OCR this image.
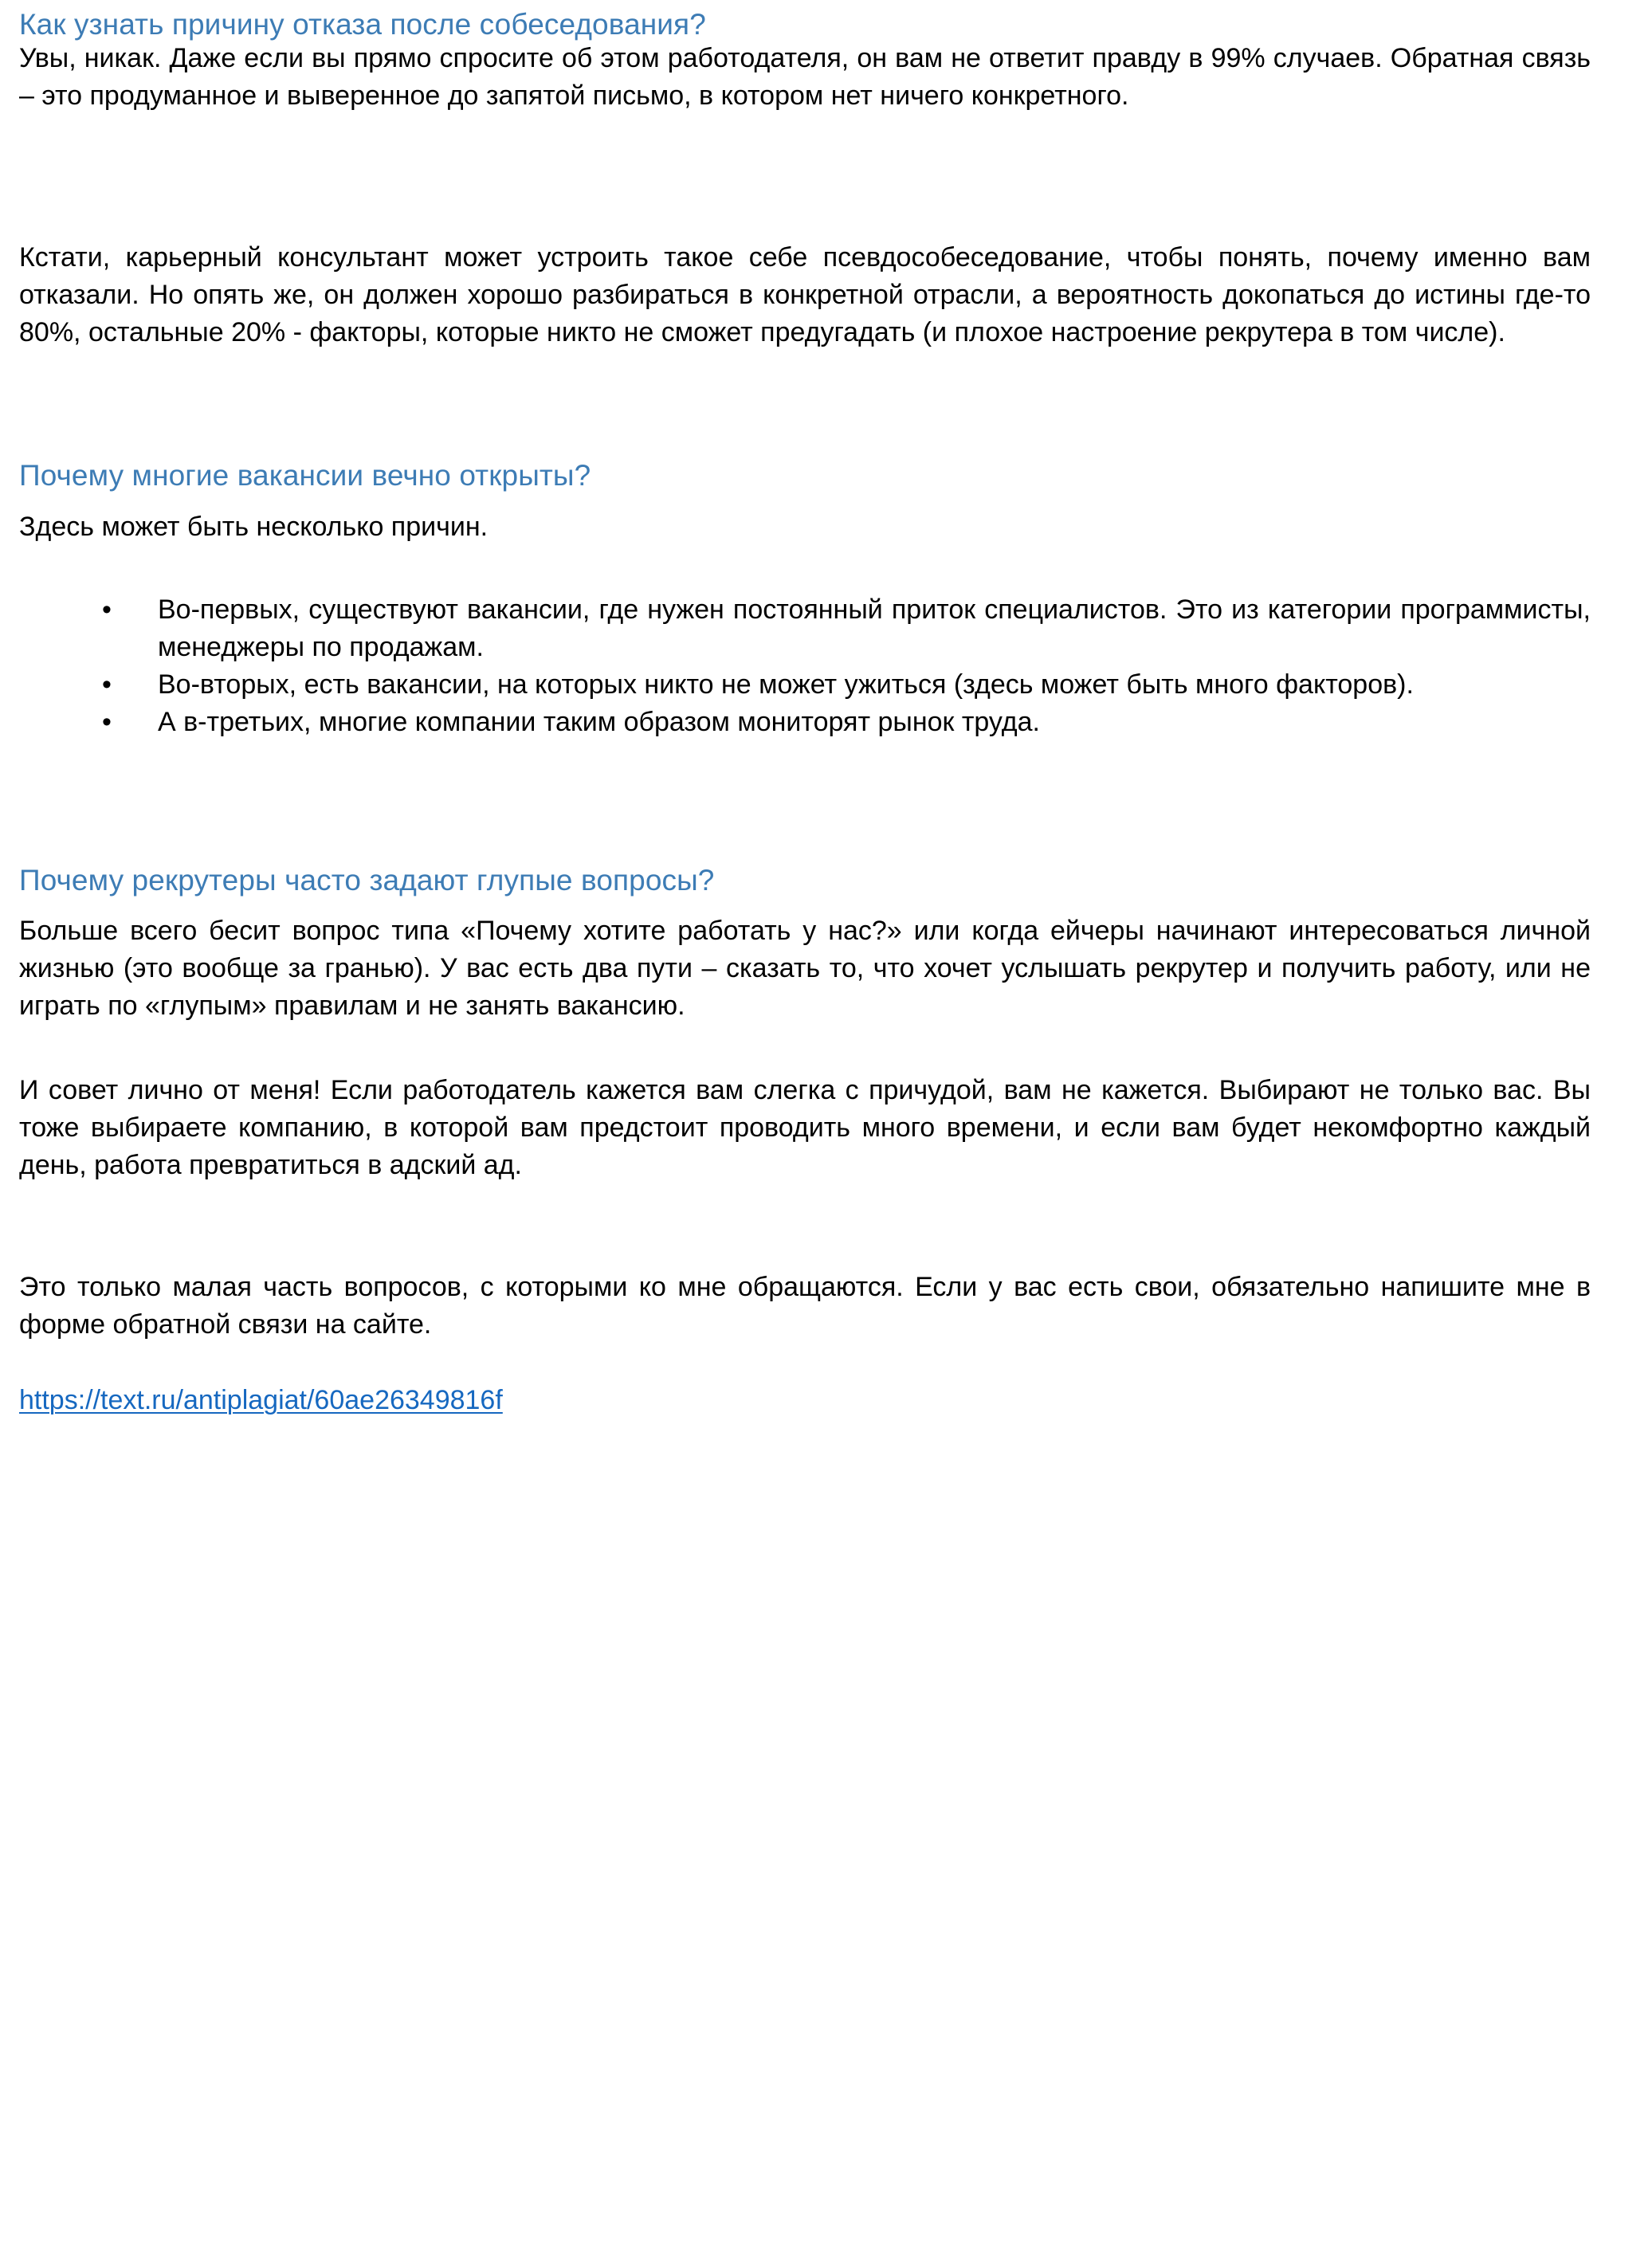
Как узнать причину отказа после собеседования?

Увы, никак. Даже если вы прямо спросите об этом работодателя, он вам не ответит правду в 99% случаев. Обратная связь – это продуманное и выверенное до запятой письмо, в котором нет ничего конкретного.

Кстати, карьерный консультант может устроить такое себе псевдособеседование, чтобы понять, почему именно вам отказали. Но опять же, он должен хорошо разбираться в конкретной отрасли, а вероятность докопаться до истины где-то 80%, остальные 20% - факторы, которые никто не сможет предугадать (и плохое настроение рекрутера в том числе).

Почему многие вакансии вечно открыты?

Здесь может быть несколько причин.

• Во-первых, существуют вакансии, где нужен постоянный приток специалистов. Это из категории программисты, менеджеры по продажам.
• Во-вторых, есть вакансии, на которых никто не может ужиться (здесь может быть много факторов).
• А в-третьих, многие компании таким образом мониторят рынок труда.
Почему рекрутеры часто задают глупые вопросы?

Больше всего бесит вопрос типа «Почему хотите работать у нас?» или когда ейчеры начинают интересоваться личной жизнью (это вообще за гранью). У вас есть два пути – сказать то, что хочет услышать рекрутер и получить работу, или не играть по «глупым» правилам и не занять вакансию.

И совет лично от меня! Если работодатель кажется вам слегка с причудой, вам не кажется. Выбирают не только вас. Вы тоже выбираете компанию, в которой вам предстоит проводить много времени, и если вам будет некомфортно каждый день, работа превратиться в адский ад.

Это только малая часть вопросов, с которыми ко мне обращаются. Если у вас есть свои, обязательно напишите мне в форме обратной связи на сайте.

https://text.ru/antiplagiat/60ae26349816f
